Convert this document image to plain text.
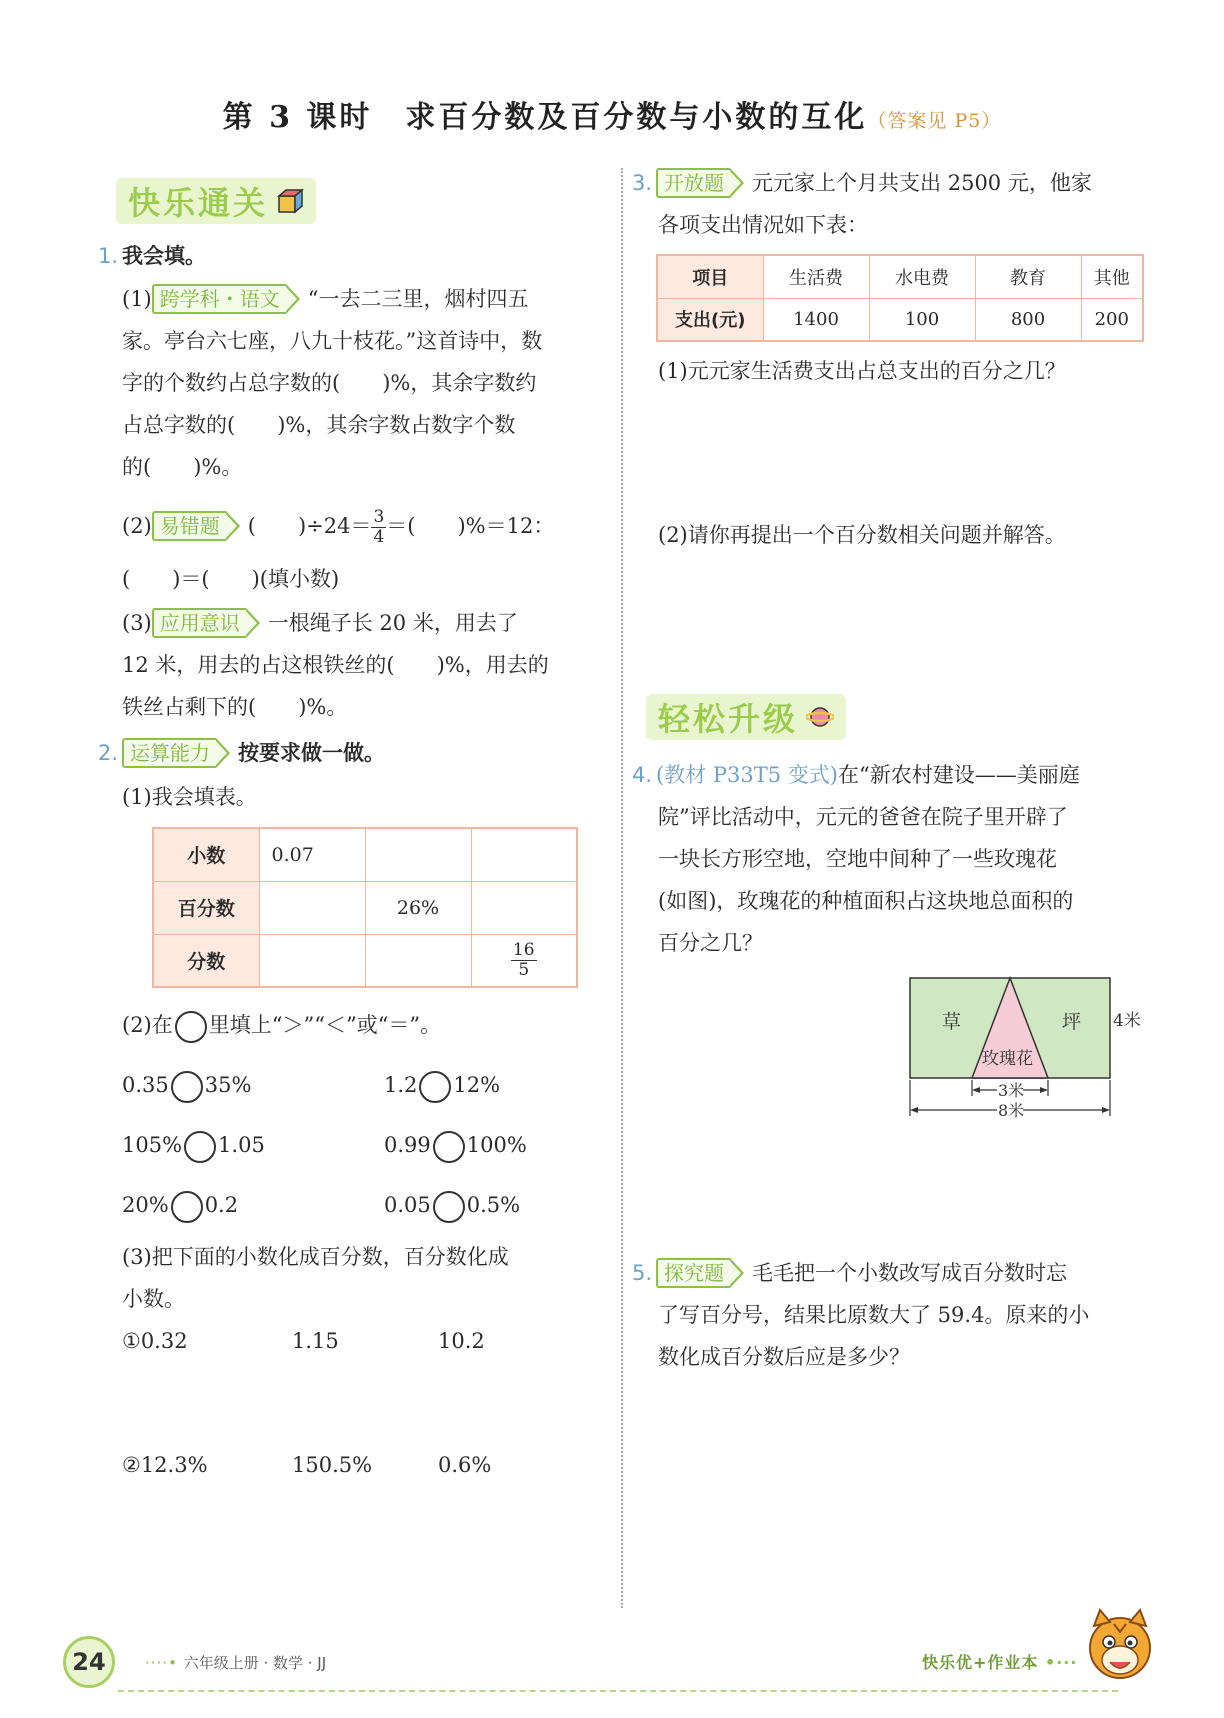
第 3 课时　求百分数及百分数与小数的互化（答案见 P5）
快乐通关
1. 我会填。
(1) 跨学科・语文 “一去二三里，烟村四五
家。亭台六七座，八九十枝花。”这首诗中，数
字的个数约占总字数的(　　)%，其余字数约
占总字数的(　　)%，其余字数占数字个数
的(　　)%。
(2) 易错题 (　　)$\div 24= \frac{3}{4}$ ＝(　　)%＝12：
(　　)＝(　　)(填小数)
(3) 应用意识 一根绳子长 20 米，用去了
12 米，用去的占这根铁丝的(　　)%，用去的
铁丝占剩下的(　　)%。
2. 运算能力 按要求做一做。
(1)我会填表。
小数	0.07		
百分数		26%	
分数			$\frac{16}{5}$
(2)在 里填上“＞”“＜”或“＝”。
0.35 35%	1.2 12%
105% 1.05	0.99 100%
20% 0.2	0.05 0.5%
(3)把下面的小数化成百分数，百分数化成
小数。
①0.32	1.15	10.2
②12.3%	150.5%	0.6%
3. 开放题 元元家上个月共支出 2500 元，他家
各项支出情况如下表：
项目	生活费	水电费	教育	其他
支出(元)	1400	100	800	200
(1)元元家生活费支出占总支出的百分之几？
(2)请你再提出一个百分数相关问题并解答。
轻松升级
4. (教材 P33T5 变式)在“新农村建设——美丽庭
院”评比活动中，元元的爸爸在院子里开辟了
一块长方形空地，空地中间种了一些玫瑰花
(如图)，玫瑰花的种植面积占这块地总面积的
百分之几？
草	坪
玫瑰花
4米
3米
8米
5. 探究题 毛毛把一个小数改写成百分数时忘
了写百分号，结果比原数大了 59.4。原来的小
数化成百分数后应是多少？
24	····• 六年级上册 · 数学 · JJ	快乐优+作业本 •···
